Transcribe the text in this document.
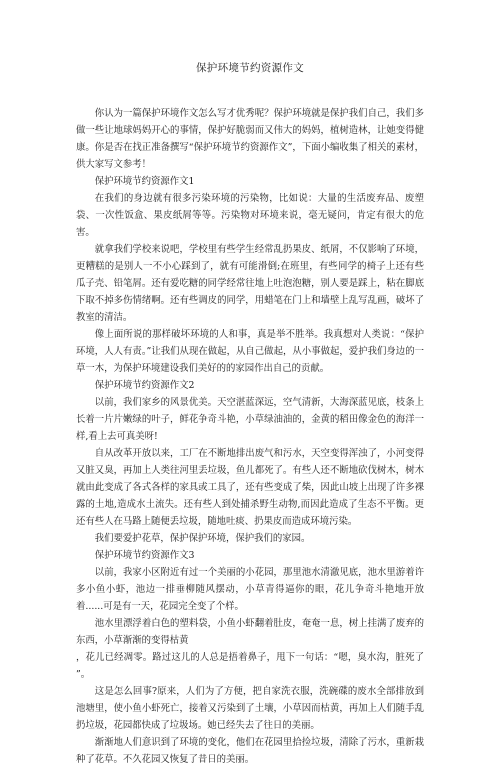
保护环境节约资源作文

你认为一篇保护环境作文怎么写才优秀呢？保护环境就是保护我们自己，我们多做一些让地球妈妈开心的事情，保护好脆弱而又伟大的妈妈，植树造林，让她变得健康。你是否在找正准备撰写“保护环境节约资源作文”，下面小编收集了相关的素材，供大家写文参考！

保护环境节约资源作文1

在我们的身边就有很多污染环境的污染物，比如说：大量的生活废弃品、废塑袋、一次性饭盒、果皮纸屑等等。污染物对环境来说，毫无疑问，肯定有很大的危害。

就拿我们学校来说吧，学校里有些学生经常乱扔果皮、纸屑，不仅影响了环境，更糟糕的是别人一不小心踩到了，就有可能滑倒;在班里，有些同学的椅子上还有些瓜子壳、铅笔屑。还有爱吃糖的同学经常往地上吐泡泡糖，别人要是踩上，粘在脚底下取不掉多伤情绪啊。还有些调皮的同学，用蜡笔在门上和墙壁上乱写乱画，破坏了教室的清洁。

像上面所说的那样破坏环境的人和事，真是举不胜举。我真想对人类说：“保护环境，人人有责。”让我们从现在做起，从自己做起，从小事做起，爱护我们身边的一草一木，为保护环境建设我们美好的的家园作出自己的贡献。

保护环境节约资源作文2

以前，我们家乡的风景优美。天空湛蓝深远，空气清新，大海深蓝见底，枝条上长着一片片嫩绿的叶子，鲜花争奇斗艳，小草绿油油的，金黄的稻田像金色的海洋一样,看上去可真美呀!

自从改革开放以来，工厂在不断地排出废气和污水，天空变得浑浊了，小河变得又脏又臭，再加上人类往河里丢垃圾，鱼儿都死了。有些人还不断地砍伐树木，树木就由此变成了各式各样的家具或工具了，还有些变成了柴，因此山坡上出现了许多裸露的土地,造成水土流失。还有些人到处捕杀野生动物,而因此造成了生态不平衡。更还有些人在马路上随便丢垃圾，随地吐痰、扔果皮而造成环境污染。

我们要爱护花草，保护保护环境，保护我们的家园。

保护环境节约资源作文3

以前，我家小区附近有过一个美丽的小花园，那里池水清澈见底，池水里游着许多小鱼小虾，池边一排垂柳随风摆动，小草青得逼你的眼，花儿争奇斗艳地开放着......可是有一天，花园完全变了个样。

池水里漂浮着白色的塑料袋，小鱼小虾翻着肚皮，奄奄一息，树上挂满了废弃的东西，小草渐渐的变得枯黄

，花儿已经凋零。路过这儿的人总是捂着鼻子，甩下一句话：“嗯，臭水沟，脏死了 ”。

这是怎么回事?原来，人们为了方便，把自家洗衣服，洗碗碟的废水全部排放到池塘里，使小鱼小虾死亡，接着又污染到了土壤，小草因而枯黄，再加上人们随手乱扔垃圾，花园都快成了垃圾场。她已经失去了往日的美丽。

渐渐地人们意识到了环境的变化，他们在花园里拾捡垃圾，清除了污水，重新栽种了花草。不久花园又恢复了昔日的美丽。
